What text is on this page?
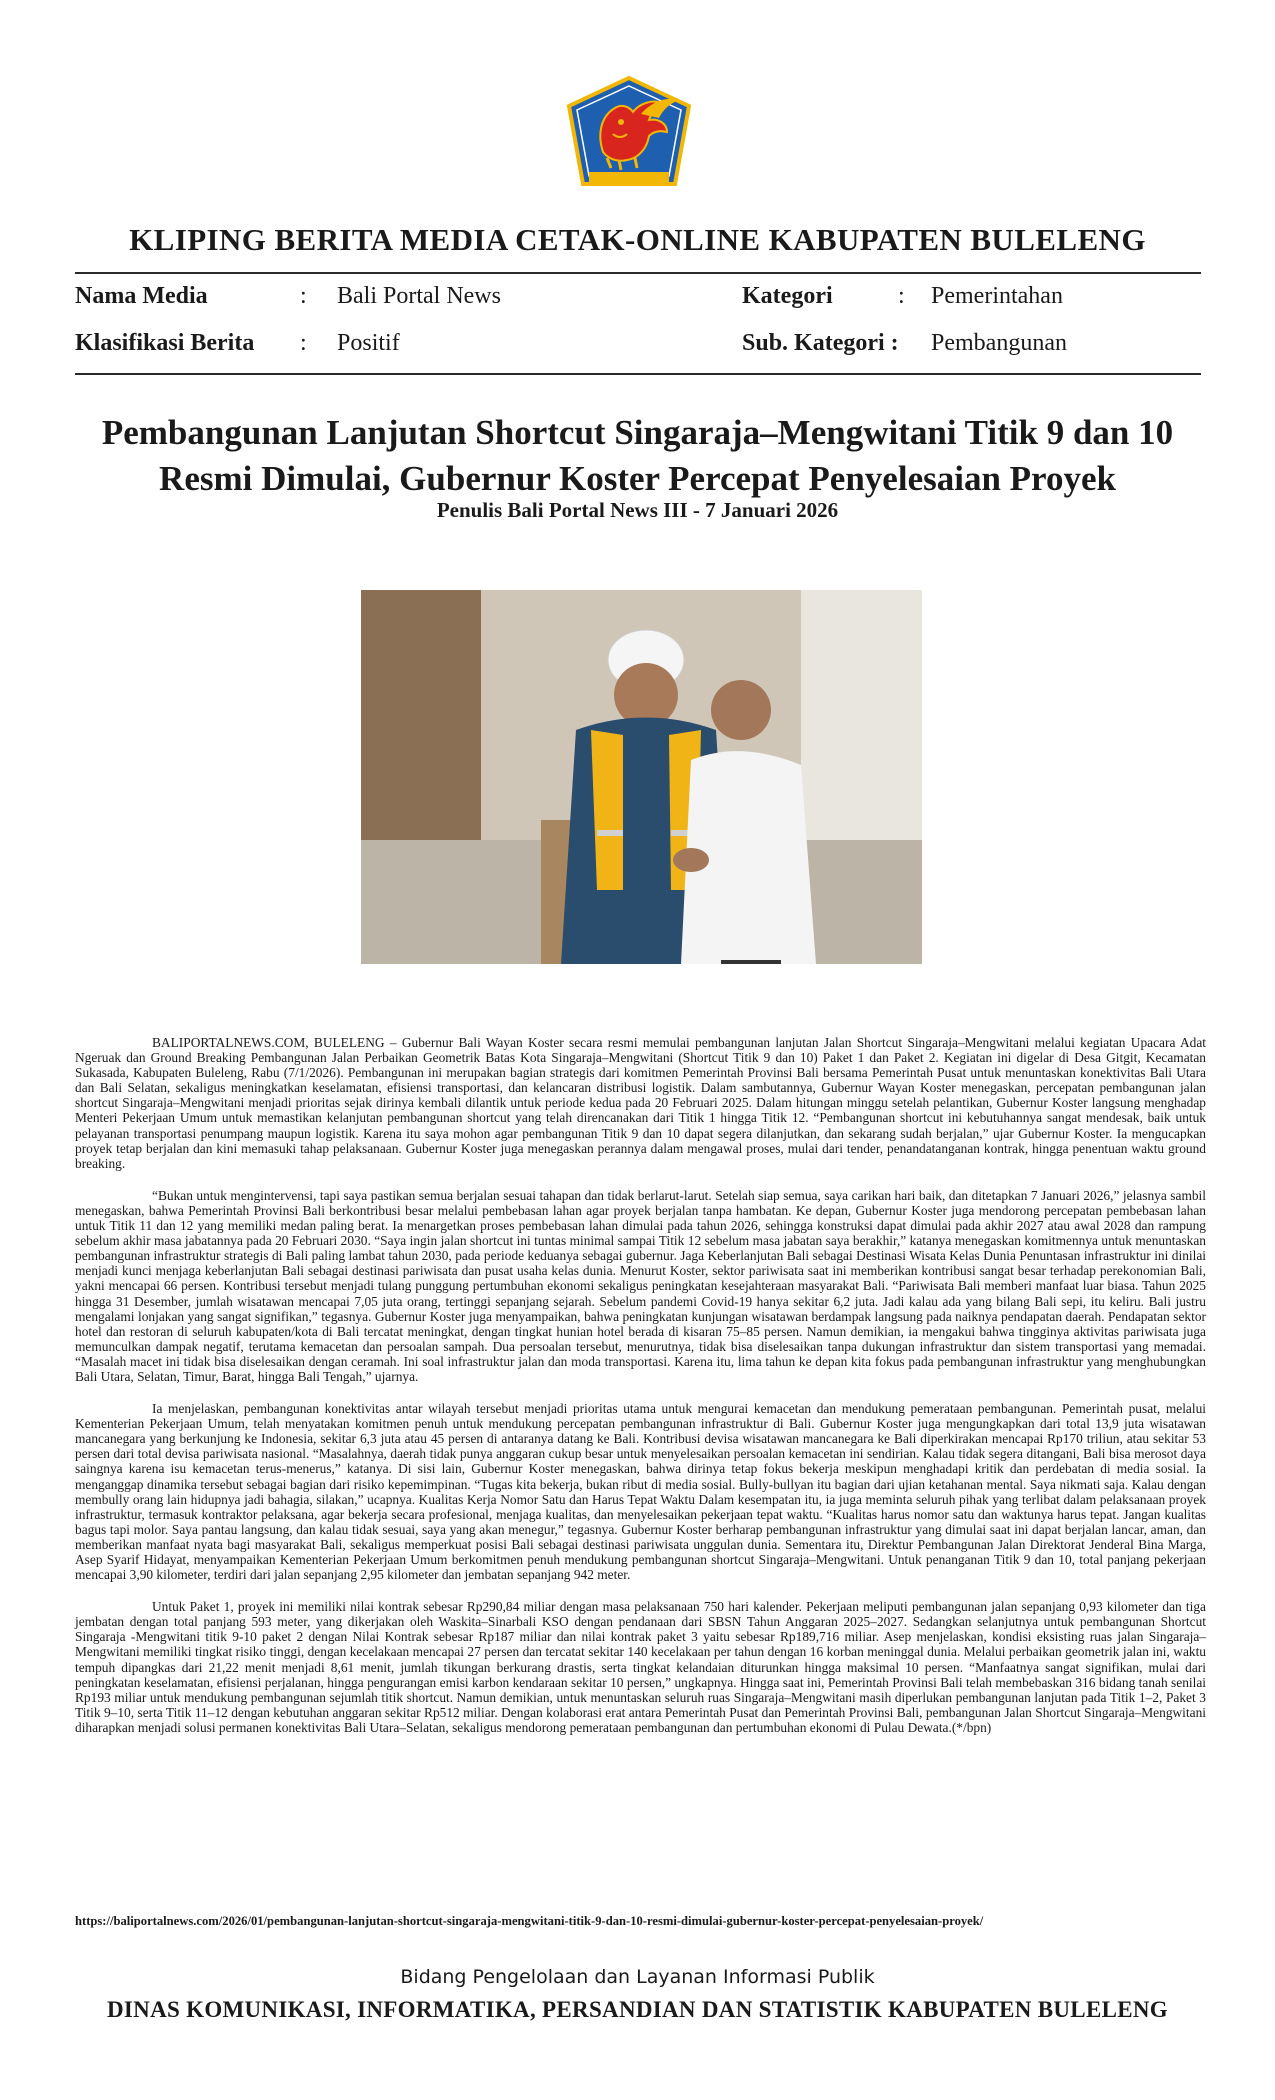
KLIPING BERITA MEDIA CETAK-ONLINE KABUPATEN BULELENG
Nama Media	: Bali Portal News	Kategori	: Pemerintahan
Klasifikasi Berita : Positif	Sub. Kategori : Pembangunan
Pembangunan Lanjutan Shortcut Singaraja–Mengwitani Titik 9 dan 10
Resmi Dimulai, Gubernur Koster Percepat Penyelesaian Proyek
Penulis Bali Portal News III - 7 Januari 2026

BALIPORTALNEWS.COM, BULELENG – Gubernur Bali Wayan Koster secara resmi memulai pembangunan lanjutan Jalan Shortcut Singaraja–Mengwitani melalui kegiatan Upacara Adat Ngeruak dan Ground Breaking Pembangunan Jalan Perbaikan Geometrik Batas Kota Singaraja–Mengwitani (Shortcut Titik 9 dan 10) Paket 1 dan Paket 2. Kegiatan ini digelar di Desa Gitgit, Kecamatan Sukasada, Kabupaten Buleleng, Rabu (7/1/2026). Pembangunan ini merupakan bagian strategis dari komitmen Pemerintah Provinsi Bali bersama Pemerintah Pusat untuk menuntaskan konektivitas Bali Utara dan Bali Selatan, sekaligus meningkatkan keselamatan, efisiensi transportasi, dan kelancaran distribusi logistik. Dalam sambutannya, Gubernur Wayan Koster menegaskan, percepatan pembangunan jalan shortcut Singaraja–Mengwitani menjadi prioritas sejak dirinya kembali dilantik untuk periode kedua pada 20 Februari 2025. Dalam hitungan minggu setelah pelantikan, Gubernur Koster langsung menghadap Menteri Pekerjaan Umum untuk memastikan kelanjutan pembangunan shortcut yang telah direncanakan dari Titik 1 hingga Titik 12. “Pembangunan shortcut ini kebutuhannya sangat mendesak, baik untuk pelayanan transportasi penumpang maupun logistik. Karena itu saya mohon agar pembangunan Titik 9 dan 10 dapat segera dilanjutkan, dan sekarang sudah berjalan,” ujar Gubernur Koster. Ia mengucapkan proyek tetap berjalan dan kini memasuki tahap pelaksanaan. Gubernur Koster juga menegaskan perannya dalam mengawal proses, mulai dari tender, penandatanganan kontrak, hingga penentuan waktu ground breaking.

“Bukan untuk mengintervensi, tapi saya pastikan semua berjalan sesuai tahapan dan tidak berlarut-larut. Setelah siap semua, saya carikan hari baik, dan ditetapkan 7 Januari 2026,” jelasnya sambil menegaskan, bahwa Pemerintah Provinsi Bali berkontribusi besar melalui pembebasan lahan agar proyek berjalan tanpa hambatan. Ke depan, Gubernur Koster juga mendorong percepatan pembebasan lahan untuk Titik 11 dan 12 yang memiliki medan paling berat. Ia menargetkan proses pembebasan lahan dimulai pada tahun 2026, sehingga konstruksi dapat dimulai pada akhir 2027 atau awal 2028 dan rampung sebelum akhir masa jabatannya pada 20 Februari 2030. “Saya ingin jalan shortcut ini tuntas minimal sampai Titik 12 sebelum masa jabatan saya berakhir,” katanya menegaskan komitmennya untuk menuntaskan pembangunan infrastruktur strategis di Bali paling lambat tahun 2030, pada periode keduanya sebagai gubernur. Jaga Keberlanjutan Bali sebagai Destinasi Wisata Kelas Dunia Penuntasan infrastruktur ini dinilai menjadi kunci menjaga keberlanjutan Bali sebagai destinasi pariwisata dan pusat usaha kelas dunia. Menurut Koster, sektor pariwisata saat ini memberikan kontribusi sangat besar terhadap perekonomian Bali, yakni mencapai 66 persen. Kontribusi tersebut menjadi tulang punggung pertumbuhan ekonomi sekaligus peningkatan kesejahteraan masyarakat Bali. “Pariwisata Bali memberi manfaat luar biasa. Tahun 2025 hingga 31 Desember, jumlah wisatawan mencapai 7,05 juta orang, tertinggi sepanjang sejarah. Sebelum pandemi Covid-19 hanya sekitar 6,2 juta. Jadi kalau ada yang bilang Bali sepi, itu keliru. Bali justru mengalami lonjakan yang sangat signifikan,” tegasnya. Gubernur Koster juga menyampaikan, bahwa peningkatan kunjungan wisatawan berdampak langsung pada naiknya pendapatan daerah. Pendapatan sektor hotel dan restoran di seluruh kabupaten/kota di Bali tercatat meningkat, dengan tingkat hunian hotel berada di kisaran 75–85 persen. Namun demikian, ia mengakui bahwa tingginya aktivitas pariwisata juga memunculkan dampak negatif, terutama kemacetan dan persoalan sampah. Dua persoalan tersebut, menurutnya, tidak bisa diselesaikan tanpa dukungan infrastruktur dan sistem transportasi yang memadai. “Masalah macet ini tidak bisa diselesaikan dengan ceramah. Ini soal infrastruktur jalan dan moda transportasi. Karena itu, lima tahun ke depan kita fokus pada pembangunan infrastruktur yang menghubungkan Bali Utara, Selatan, Timur, Barat, hingga Bali Tengah,” ujarnya.

Ia menjelaskan, pembangunan konektivitas antar wilayah tersebut menjadi prioritas utama untuk mengurai kemacetan dan mendukung pemerataan pembangunan. Pemerintah pusat, melalui Kementerian Pekerjaan Umum, telah menyatakan komitmen penuh untuk mendukung percepatan pembangunan infrastruktur di Bali. Gubernur Koster juga mengungkapkan dari total 13,9 juta wisatawan mancanegara yang berkunjung ke Indonesia, sekitar 6,3 juta atau 45 persen di antaranya datang ke Bali. Kontribusi devisa wisatawan mancanegara ke Bali diperkirakan mencapai Rp170 triliun, atau sekitar 53 persen dari total devisa pariwisata nasional. “Masalahnya, daerah tidak punya anggaran cukup besar untuk menyelesaikan persoalan kemacetan ini sendirian. Kalau tidak segera ditangani, Bali bisa merosot daya saingnya karena isu kemacetan terus-menerus,” katanya. Di sisi lain, Gubernur Koster menegaskan, bahwa dirinya tetap fokus bekerja meskipun menghadapi kritik dan perdebatan di media sosial. Ia menganggap dinamika tersebut sebagai bagian dari risiko kepemimpinan. “Tugas kita bekerja, bukan ribut di media sosial. Bully-bullyan itu bagian dari ujian ketahanan mental. Saya nikmati saja. Kalau dengan membully orang lain hidupnya jadi bahagia, silakan,” ucapnya. Kualitas Kerja Nomor Satu dan Harus Tepat Waktu Dalam kesempatan itu, ia juga meminta seluruh pihak yang terlibat dalam pelaksanaan proyek infrastruktur, termasuk kontraktor pelaksana, agar bekerja secara profesional, menjaga kualitas, dan menyelesaikan pekerjaan tepat waktu. “Kualitas harus nomor satu dan waktunya harus tepat. Jangan kualitas bagus tapi molor. Saya pantau langsung, dan kalau tidak sesuai, saya yang akan menegur,” tegasnya. Gubernur Koster berharap pembangunan infrastruktur yang dimulai saat ini dapat berjalan lancar, aman, dan memberikan manfaat nyata bagi masyarakat Bali, sekaligus memperkuat posisi Bali sebagai destinasi pariwisata unggulan dunia. Sementara itu, Direktur Pembangunan Jalan Direktorat Jenderal Bina Marga, Asep Syarif Hidayat, menyampaikan Kementerian Pekerjaan Umum berkomitmen penuh mendukung pembangunan shortcut Singaraja–Mengwitani. Untuk penanganan Titik 9 dan 10, total panjang pekerjaan mencapai 3,90 kilometer, terdiri dari jalan sepanjang 2,95 kilometer dan jembatan sepanjang 942 meter.

Untuk Paket 1, proyek ini memiliki nilai kontrak sebesar Rp290,84 miliar dengan masa pelaksanaan 750 hari kalender. Pekerjaan meliputi pembangunan jalan sepanjang 0,93 kilometer dan tiga jembatan dengan total panjang 593 meter, yang dikerjakan oleh Waskita–Sinarbali KSO dengan pendanaan dari SBSN Tahun Anggaran 2025–2027. Sedangkan selanjutnya untuk pembangunan Shortcut Singaraja -Mengwitani titik 9-10 paket 2 dengan Nilai Kontrak sebesar Rp187 miliar dan nilai kontrak paket 3 yaitu sebesar Rp189,716 miliar. Asep menjelaskan, kondisi eksisting ruas jalan Singaraja–Mengwitani memiliki tingkat risiko tinggi, dengan kecelakaan mencapai 27 persen dan tercatat sekitar 140 kecelakaan per tahun dengan 16 korban meninggal dunia. Melalui perbaikan geometrik jalan ini, waktu tempuh dipangkas dari 21,22 menit menjadi 8,61 menit, jumlah tikungan berkurang drastis, serta tingkat kelandaian diturunkan hingga maksimal 10 persen. “Manfaatnya sangat signifikan, mulai dari peningkatan keselamatan, efisiensi perjalanan, hingga pengurangan emisi karbon kendaraan sekitar 10 persen,” ungkapnya. Hingga saat ini, Pemerintah Provinsi Bali telah membebaskan 316 bidang tanah senilai Rp193 miliar untuk mendukung pembangunan sejumlah titik shortcut. Namun demikian, untuk menuntaskan seluruh ruas Singaraja–Mengwitani masih diperlukan pembangunan lanjutan pada Titik 1–2, Paket 3 Titik 9–10, serta Titik 11–12 dengan kebutuhan anggaran sekitar Rp512 miliar. Dengan kolaborasi erat antara Pemerintah Pusat dan Pemerintah Provinsi Bali, pembangunan Jalan Shortcut Singaraja–Mengwitani diharapkan menjadi solusi permanen konektivitas Bali Utara–Selatan, sekaligus mendorong pemerataan pembangunan dan pertumbuhan ekonomi di Pulau Dewata.(*/bpn)

https://baliportalnews.com/2026/01/pembangunan-lanjutan-shortcut-singaraja-mengwitani-titik-9-dan-10-resmi-dimulai-gubernur-koster-percepat-penyelesaian-proyek/
Bidang Pengelolaan dan Layanan Informasi Publik
DINAS KOMUNIKASI, INFORMATIKA, PERSANDIAN DAN STATISTIK KABUPATEN BULELENG
